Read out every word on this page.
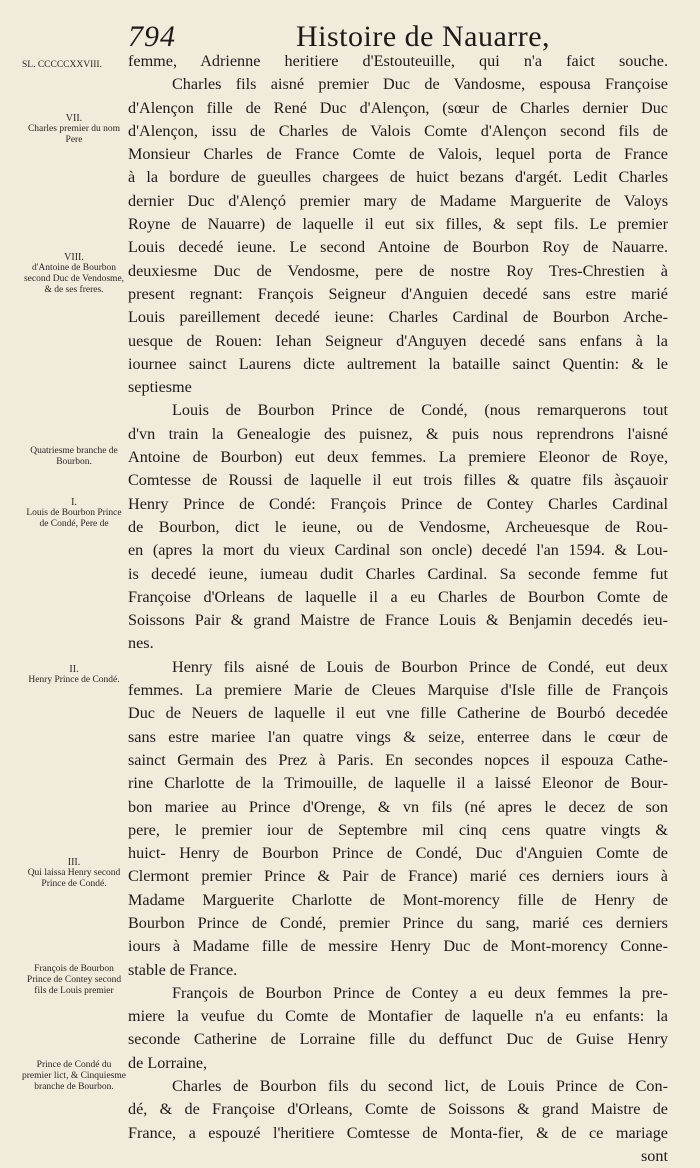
794	Histoire de Nauarre,
SL. CCCCCXXVIII.
VII.
Charles premier du nom Pere
VIII.
d'Antoine de Bourbon second Duc de Vendosme, & de ses freres.
Quatriesme branche de Bourbon.
I.
Louis de Bourbon Prince de Condé, Pere de
II.
Henry Prince de Condé.
III.
Qui laissa Henry second Prince de Condé.
François de Bourbon Prince de Contey second fils de Louis premier
Prince de Condé du premier lict, & Cinquiesme branche de Bourbon.
femme, Adrienne heritiere d'Estouteuille, qui n'a faict souche.
Charles fils aisné premier Duc de Vandosme, espousa Françoise
d'Alençon fille de René Duc d'Alençon, (sœur de Charles dernier Duc
d'Alençon, issu de Charles de Valois Comte d'Alençon second fils de
Monsieur Charles de France Comte de Valois, lequel porta de France
à la bordure de gueulles chargees de huict bezans d'argét. Ledit Charles
dernier Duc d'Alençó premier mary de Madame Marguerite de Valoys
Royne de Nauarre) de laquelle il eut six filles, & sept fils. Le premier
Louis decedé ieune. Le second Antoine de Bourbon Roy de Nauarre.
deuxiesme Duc de Vendosme, pere de nostre Roy Tres-Chrestien à
present regnant: François Seigneur d'Anguien decedé sans estre marié
Louis pareillement decedé ieune: Charles Cardinal de Bourbon Arche-
uesque de Rouen: Iehan Seigneur d'Anguyen decedé sans enfans à la
iournee sainct Laurens dicte aultrement la bataille sainct Quentin: & le
septiesme
Louis de Bourbon Prince de Condé, (nous remarquerons tout
d'vn train la Genealogie des puisnez, & puis nous reprendrons l'aisné
Antoine de Bourbon) eut deux femmes. La premiere Eleonor de Roye,
Comtesse de Roussi de laquelle il eut trois filles & quatre fils àsçauoir
Henry Prince de Condé: François Prince de Contey Charles Cardinal
de Bourbon, dict le ieune, ou de Vendosme, Archeuesque de Rou-
en (apres la mort du vieux Cardinal son oncle) decedé l'an 1594. & Lou-
is decedé ieune, iumeau dudit Charles Cardinal. Sa seconde femme fut
Françoise d'Orleans de laquelle il a eu Charles de Bourbon Comte de
Soissons Pair & grand Maistre de France Louis & Benjamin decedés ieu-
nes.
Henry fils aisné de Louis de Bourbon Prince de Condé, eut deux
femmes. La premiere Marie de Cleues Marquise d'Isle fille de François
Duc de Neuers de laquelle il eut vne fille Catherine de Bourbó decedée
sans estre mariee l'an quatre vings & seize, enterree dans le cœur de
sainct Germain des Prez à Paris. En secondes nopces il espouza Cathe-
rine Charlotte de la Trimouille, de laquelle il a laissé Eleonor de Bour-
bon mariee au Prince d'Orenge, & vn fils (né apres le decez de son
pere, le premier iour de Septembre mil cinq cens quatre vingts &
huict- Henry de Bourbon Prince de Condé, Duc d'Anguien Comte de
Clermont premier Prince & Pair de France) marié ces derniers iours à
Madame Marguerite Charlotte de Mont-morency fille de Henry de
Bourbon Prince de Condé, premier Prince du sang, marié ces derniers
iours à Madame fille de messire Henry Duc de Mont-morency Conne-
stable de France.
François de Bourbon Prince de Contey a eu deux femmes la pre-
miere la veufue du Comte de Montafier de laquelle n'a eu enfants: la
seconde Catherine de Lorraine fille du deffunct Duc de Guise Henry
de Lorraine,
Charles de Bourbon fils du second lict, de Louis Prince de Con-
dé, & de Françoise d'Orleans, Comte de Soissons & grand Maistre de
France, a espouzé l'heritiere Comtesse de Monta-fier, & de ce mariage
sont
